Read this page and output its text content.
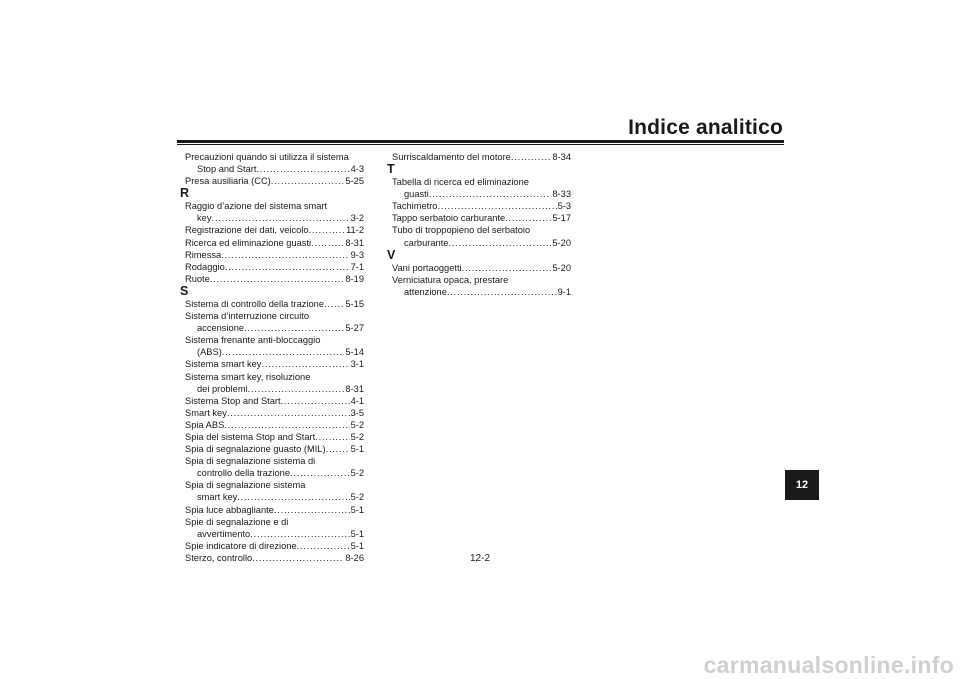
Indice analitico
Precauzioni quando si utilizza il sistema
Stop and Start . . .	4-3
Presa ausiliaria (CC) . . .	5-25
R
Raggio d’azione del sistema smart
key . . .	3-2
Registrazione dei dati, veicolo . . .	11-2
Ricerca ed eliminazione guasti . . .	8-31
Rimessa . . .	9-3
Rodaggio . . .	7-1
Ruote . . .	8-19
S
Sistema di controllo della trazione . . . 5-15
Sistema d’interruzione circuito
accensione . . .	5-27
Sistema frenante anti-bloccaggio
(ABS) . . .	5-14
Sistema smart key . . .	3-1
Sistema smart key, risoluzione
dei problemi . . .	8-31
Sistema Stop and Start . . .	4-1
Smart key . . .	3-5
Spia ABS . . .	5-2
Spia del sistema Stop and Start . . .	5-2
Spia di segnalazione guasto (MIL) . . .	5-1
Spia di segnalazione sistema di
controllo della trazione . . .	5-2
Spia di segnalazione sistema
smart key . . .	5-2
Spia luce abbagliante . . .	5-1
Spie di segnalazione e di
avvertimento . . .	5-1
Spie indicatore di direzione . . .	5-1
Sterzo, controllo . . .	8-26
Surriscaldamento del motore . . .	8-34
T
Tabella di ricerca ed eliminazione
guasti . . .	8-33
Tachimetro . . .	5-3
Tappo serbatoio carburante . . .	5-17
Tubo di troppopieno del serbatoio
carburante . . .	5-20
V
Vani portaoggetti . . .	5-20
Verniciatura opaca, prestare
attenzione . . .	9-1
12
12-2
carmanualsonline.info
